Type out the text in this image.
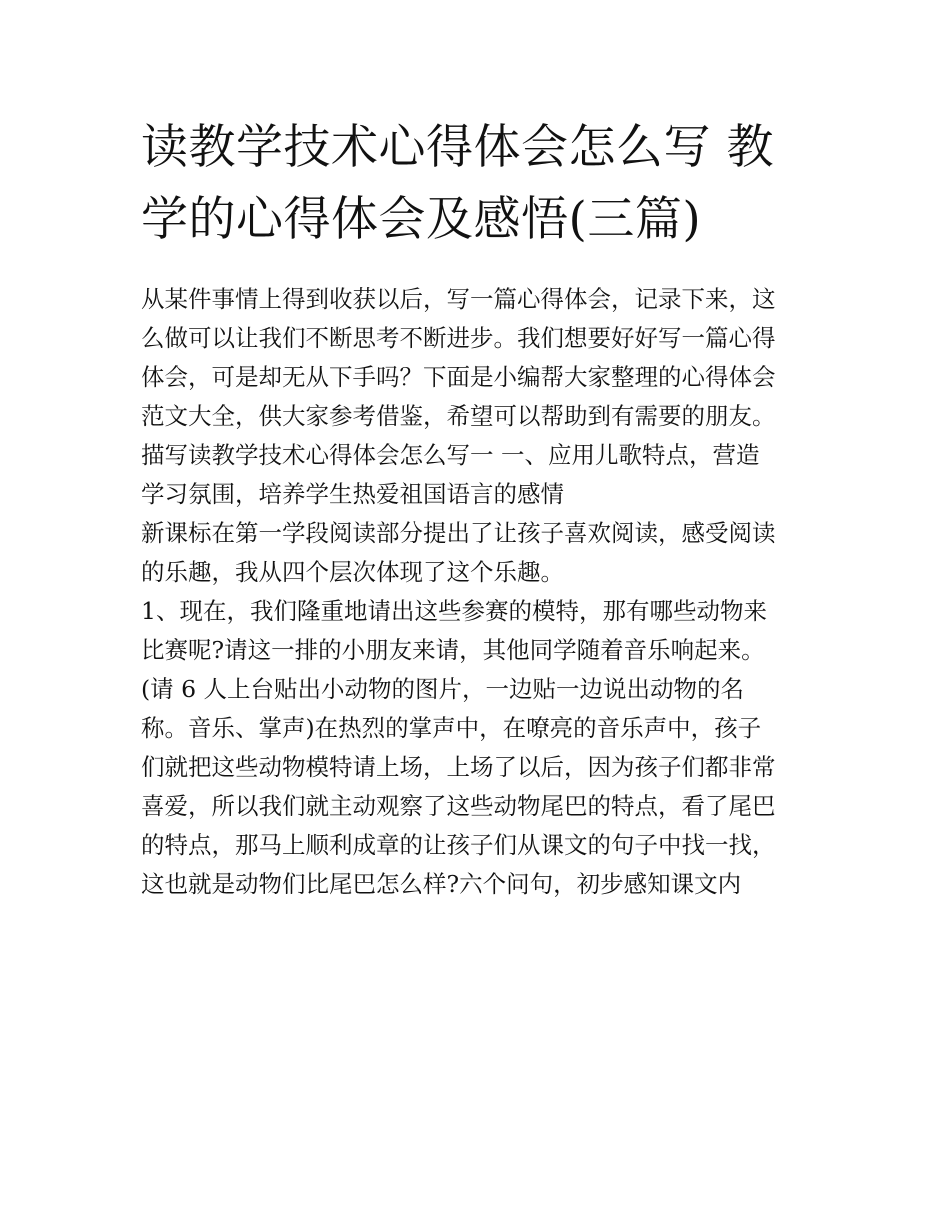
读教学技术心得体会怎么写 教
学的心得体会及感悟(三篇)

从某件事情上得到收获以后，写一篇心得体会，记录下来，这
么做可以让我们不断思考不断进步。我们想要好好写一篇心得
体会，可是却无从下手吗？下面是小编帮大家整理的心得体会
范文大全，供大家参考借鉴，希望可以帮助到有需要的朋友。

描写读教学技术心得体会怎么写一 一、应用儿歌特点，营造
学习氛围，培养学生热爱祖国语言的感情

新课标在第一学段阅读部分提出了让孩子喜欢阅读，感受阅读
的乐趣，我从四个层次体现了这个乐趣。

1、现在，我们隆重地请出这些参赛的模特，那有哪些动物来
比赛呢?请这一排的小朋友来请，其他同学随着音乐响起来。
(请 6 人上台贴出小动物的图片，一边贴一边说出动物的名
称。音乐、掌声)在热烈的掌声中，在嘹亮的音乐声中，孩子
们就把这些动物模特请上场，上场了以后，因为孩子们都非常
喜爱，所以我们就主动观察了这些动物尾巴的特点，看了尾巴
的特点，那马上顺利成章的让孩子们从课文的句子中找一找，
这也就是动物们比尾巴怎么样?六个问句，初步感知课文内
